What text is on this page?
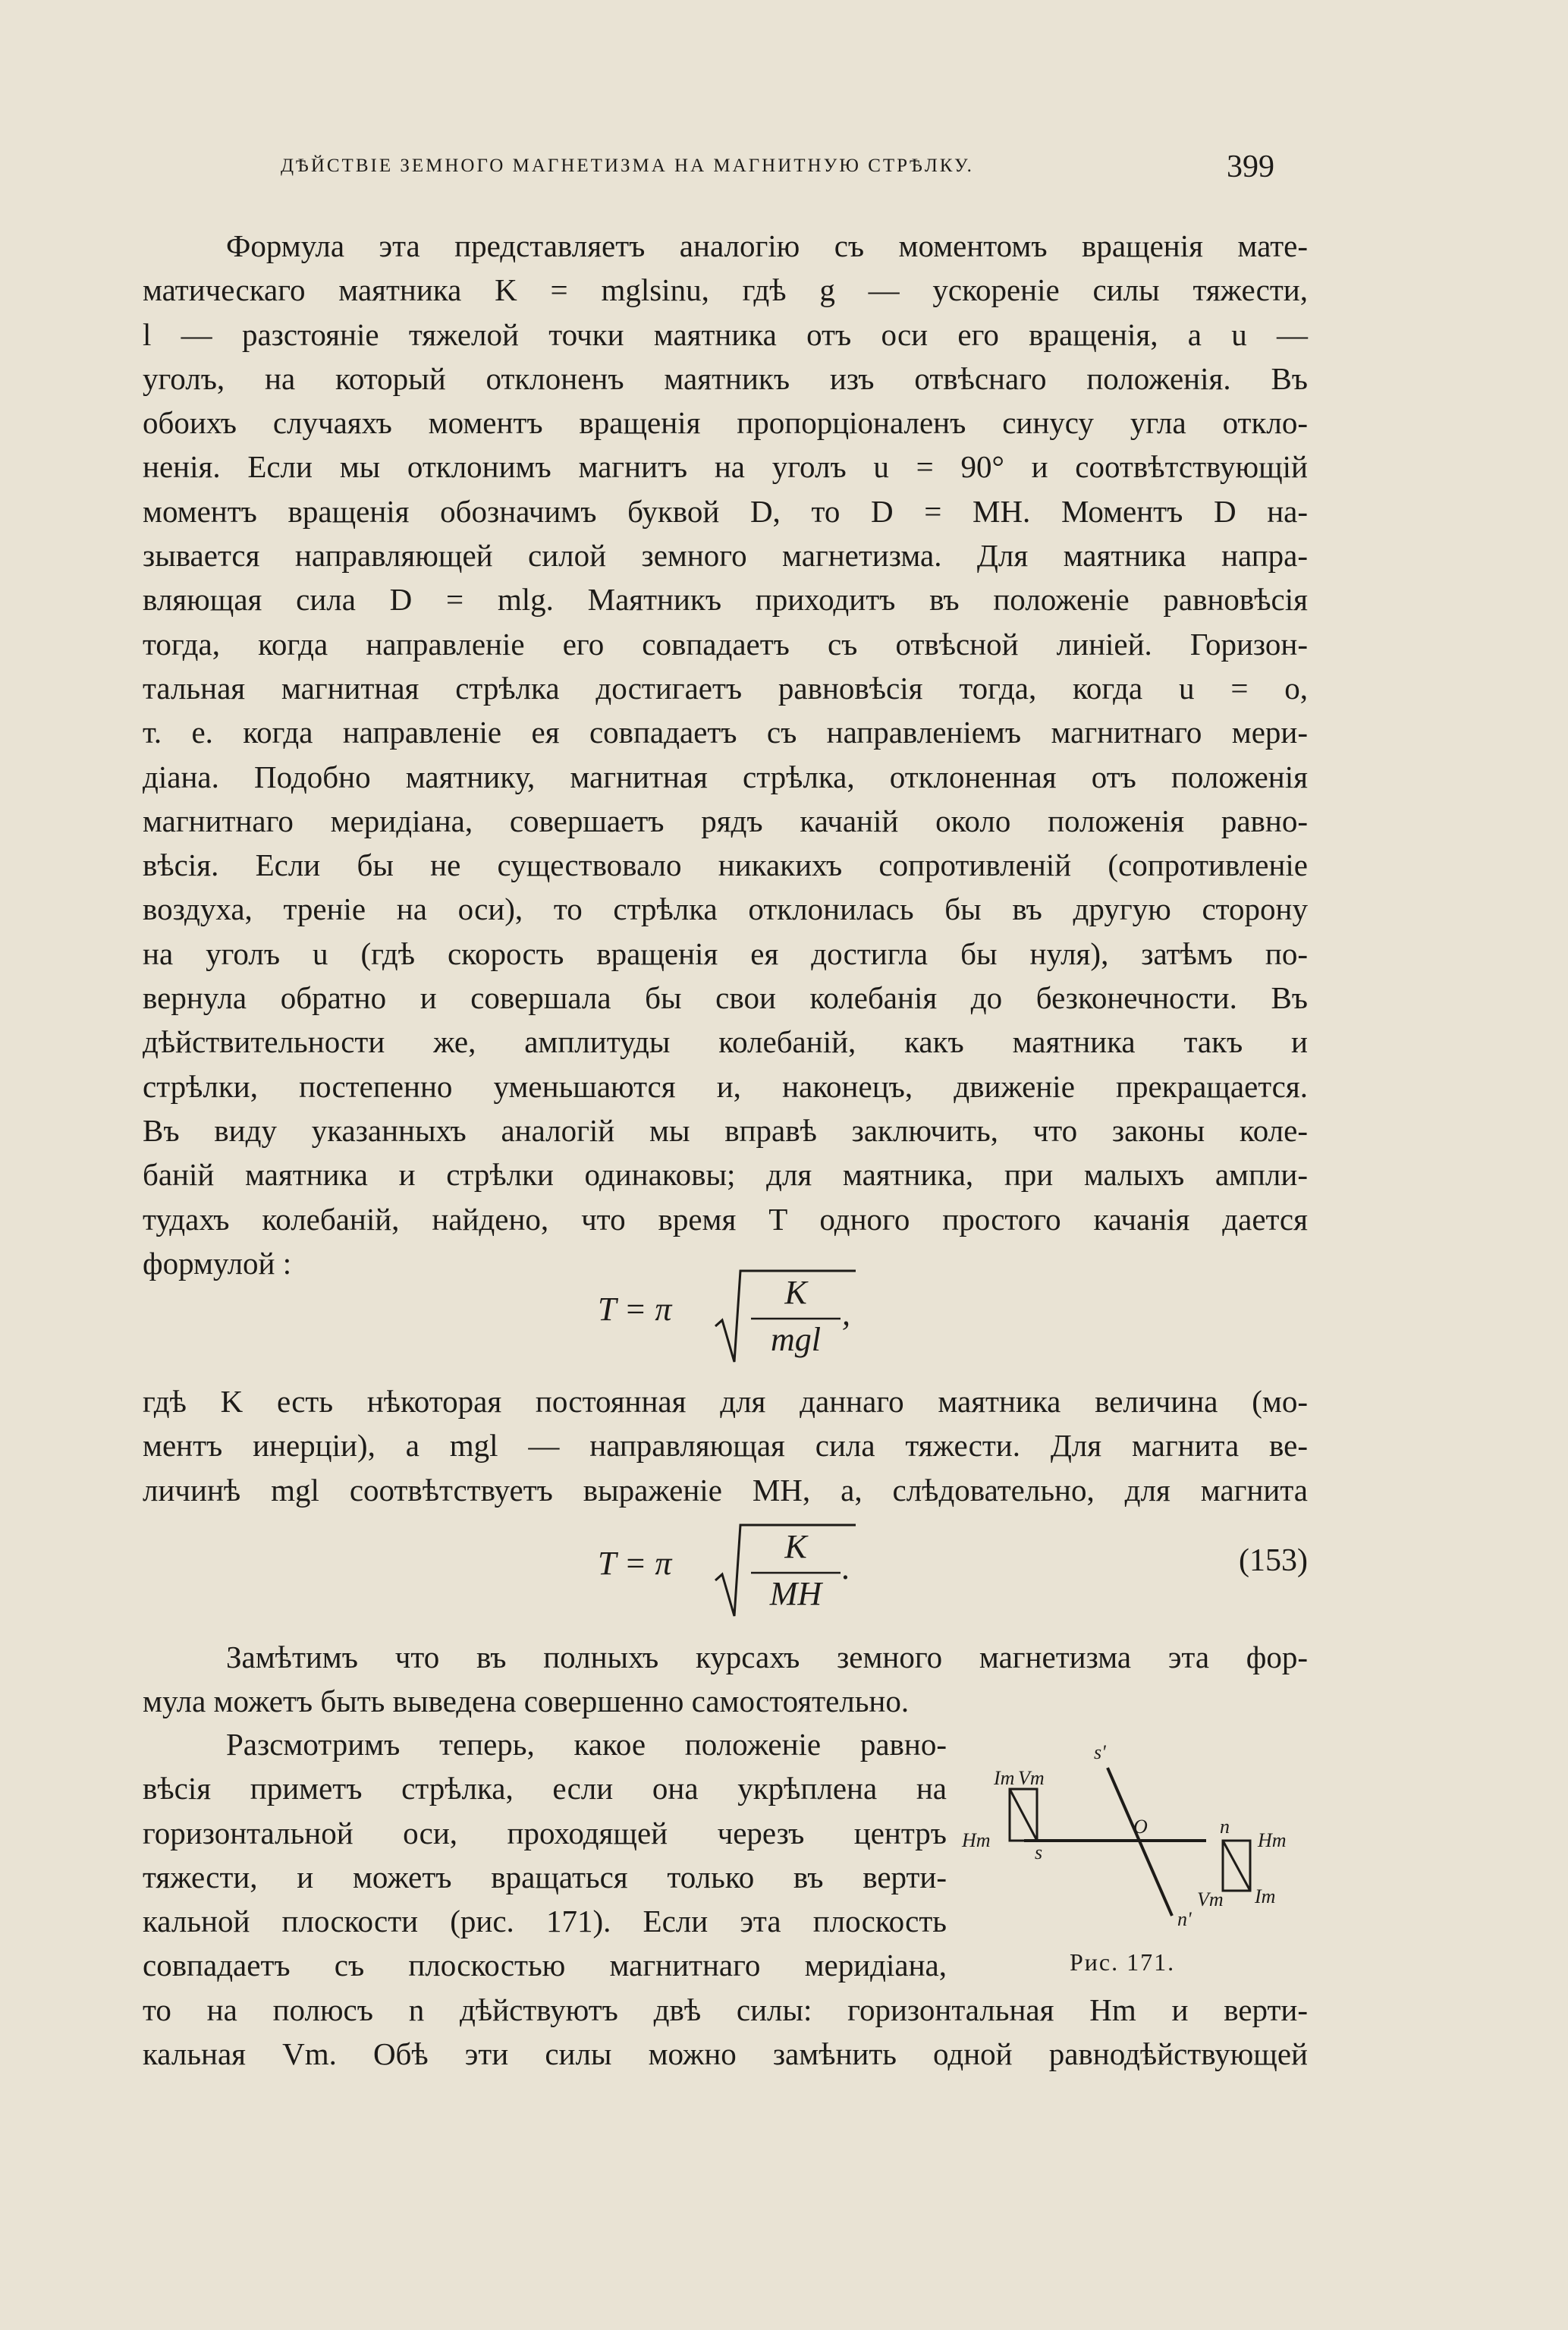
ДѢЙСТВІЕ ЗЕМНОГО МАГНЕТИЗМА НА МАГНИТНУЮ СТРѢЛКУ.	399
Формула эта представляетъ аналогію съ моментомъ вращенія мате-
матическаго маятника K = mglsinu, гдѣ g — ускореніе силы тяжести,
l — разстояніе тяжелой точки маятника отъ оси его вращенія, а u —
уголъ, на который отклоненъ маятникъ изъ отвѣснаго положенія. Въ
обоихъ случаяхъ моментъ вращенія пропорціоналенъ синусу угла откло-
ненія. Если мы отклонимъ магнитъ на уголъ u = 90° и соотвѣтствующій
моментъ вращенія обозначимъ буквой D, то D = MH. Моментъ D на-
зывается направляющей силой земного магнетизма. Для маятника напра-
вляющая сила D = mlg. Маятникъ приходитъ въ положеніе равновѣсія
тогда, когда направленіе его совпадаетъ съ отвѣсной линіей. Горизон-
тальная магнитная стрѣлка достигаетъ равновѣсія тогда, когда u = o,
т. е. когда направленіе ея совпадаетъ съ направленіемъ магнитнаго мери-
діана. Подобно маятнику, магнитная стрѣлка, отклоненная отъ положенія
магнитнаго меридіана, совершаетъ рядъ качаній около положенія равно-
вѣсія. Если бы не существовало никакихъ сопротивленій (сопротивленіе
воздуха, треніе на оси), то стрѣлка отклонилась бы въ другую сторону
на уголъ u (гдѣ скорость вращенія ея достигла бы нуля), затѣмъ по-
вернула обратно и совершала бы свои колебанія до безконечности. Въ
дѣйствительности же, амплитуды колебаній, какъ маятника такъ и
стрѣлки, постепенно уменьшаются и, наконецъ, движеніе прекращается.
Въ виду указанныхъ аналогій мы вправѣ заключить, что законы коле-
баній маятника и стрѣлки одинаковы; для маятника, при малыхъ ампли-
тудахъ колебаній, найдено, что время T одного простого качанія дается
формулой :
T = π	K
mgl
,
гдѣ K есть нѣкоторая постоянная для даннаго маятника величина (мо-
ментъ инерціи), а mgl — направляющая сила тяжести. Для магнита ве-
личинѣ mgl соотвѣтствуетъ выраженіе MH, а, слѣдовательно, для магнита
T = π	K
MH
.	(153)
Замѣтимъ что въ полныхъ курсахъ земного магнетизма эта фор-
мула можетъ быть выведена совершенно самостоятельно.
Разсмотримъ теперь, какое положеніе равно-
вѣсія приметъ стрѣлка, если она укрѣплена на
горизонтальной оси, проходящей черезъ центръ
тяжести, и можетъ вращаться только въ верти-
кальной плоскости (рис. 171). Если эта плоскость
совпадаетъ съ плоскостью магнитнаго меридіана,
то на полюсъ n дѣйствуютъ двѣ силы: горизонтальная Hm и верти-
кальная Vm. Обѣ эти силы можно замѣнить одной равнодѣйствующей
s'
Im Vm
Hm
s
O	n
Hm
Vm Im
n'
Рис. 171.
